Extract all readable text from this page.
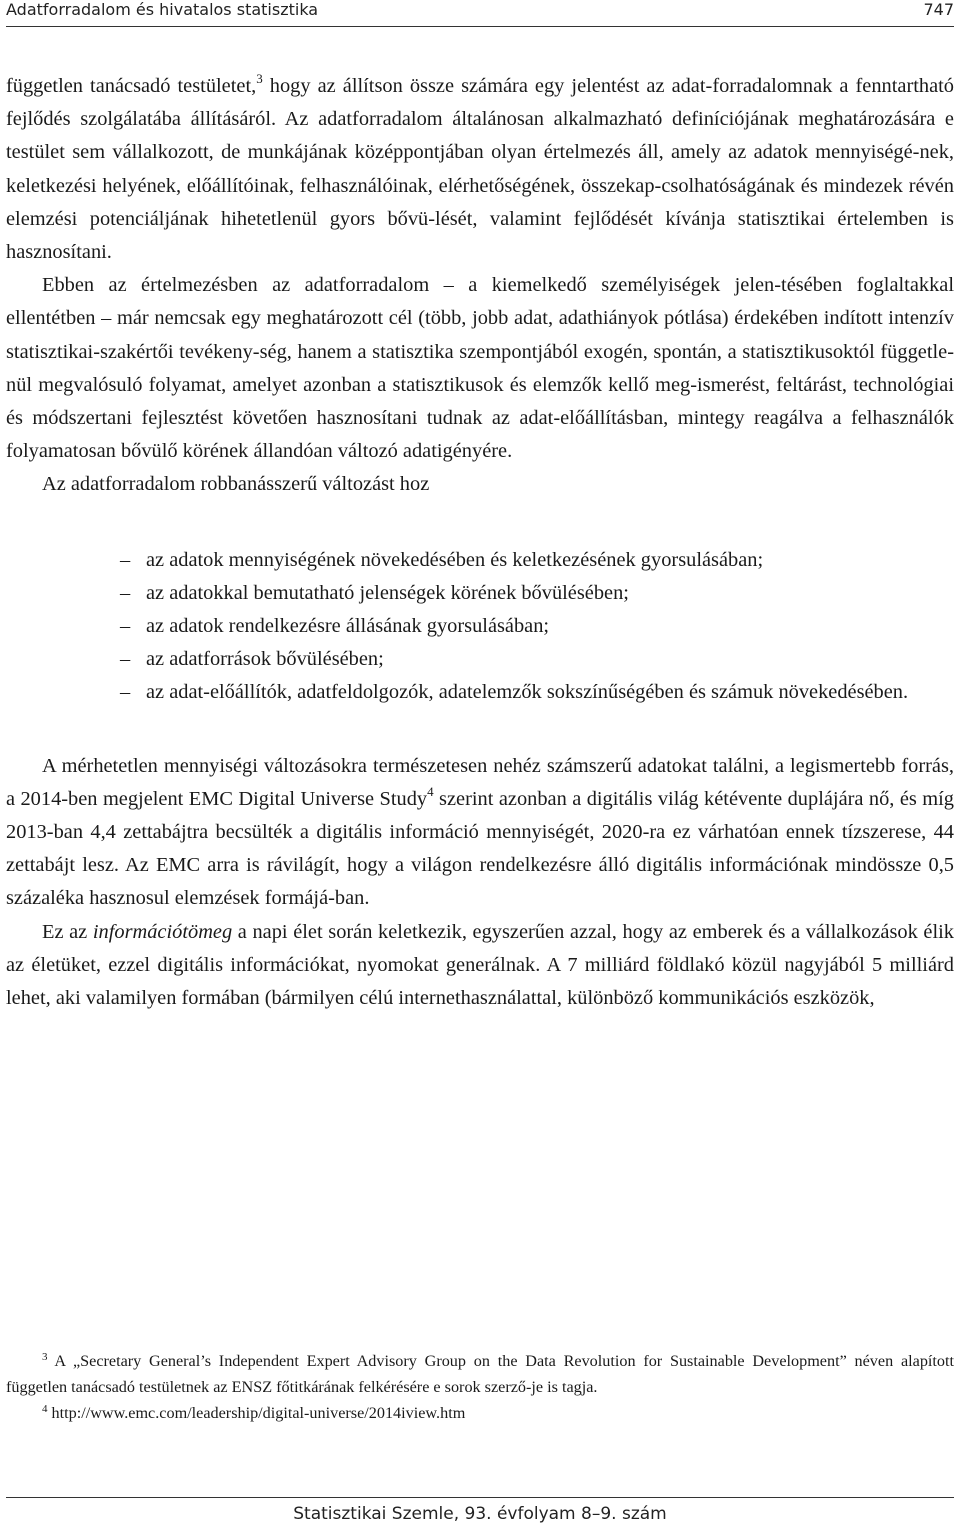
Adatforradalom és hivatalos statisztika	747

független tanácsadó testületet,$^3$ hogy az állítson össze számára egy jelentést az adat-forradalomnak a fenntartható fejlődés szolgálatába állításáról. Az adatforradalom általánosan alkalmazható definíciójának meghatározására e testület sem vállalkozott, de munkájának középpontjában olyan értelmezés áll, amely az adatok mennyiségé-nek, keletkezési helyének, előállítóinak, felhasználóinak, elérhetőségének, összekap-csolhatóságának és mindezek révén elemzési potenciáljának hihetetlenül gyors bővü-lését, valamint fejlődését kívánja statisztikai értelemben is hasznosítani.

Ebben az értelmezésben az adatforradalom – a kiemelkedő személyiségek jelen-tésében foglaltakkal ellentétben – már nemcsak egy meghatározott cél (több, jobb adat, adathiányok pótlása) érdekében indított intenzív statisztikai-szakértői tevékeny-ség, hanem a statisztika szempontjából exogén, spontán, a statisztikusoktól függetle-nül megvalósuló folyamat, amelyet azonban a statisztikusok és elemzők kellő meg-ismerést, feltárást, technológiai és módszertani fejlesztést követően hasznosítani tudnak az adat-előállításban, mintegy reagálva a felhasználók folyamatosan bővülő körének állandóan változó adatigényére.

Az adatforradalom robbanásszerű változást hoz

– az adatok mennyiségének növekedésében és keletkezésének gyorsulásában;
– az adatokkal bemutatható jelenségek körének bővülésében;
– az adatok rendelkezésre állásának gyorsulásában;
– az adatforrások bővülésében;
– az adat-előállítók, adatfeldolgozók, adatelemzők sokszínűségében és számuk növekedésében.

A mérhetetlen mennyiségi változásokra természetesen nehéz számszerű adatokat találni, a legismertebb forrás, a 2014-ben megjelent EMC Digital Universe Study$^4$ szerint azonban a digitális világ kétévente duplájára nő, és míg 2013-ban 4,4 zettabájtra becsülték a digitális információ mennyiségét, 2020-ra ez várhatóan ennek tízszerese, 44 zettabájt lesz. Az EMC arra is rávilágít, hogy a világon rendelkezésre álló digitális információnak mindössze 0,5 százaléka hasznosul elemzések formájá-ban.

Ez az információtömeg a napi élet során keletkezik, egyszerűen azzal, hogy az emberek és a vállalkozások élik az életüket, ezzel digitális információkat, nyomokat generálnak. A 7 milliárd földlakó közül nagyjából 5 milliárd lehet, aki valamilyen formában (bármilyen célú internethasználattal, különböző kommunikációs eszközök,

$^3$ A „Secretary General’s Independent Expert Advisory Group on the Data Revolution for Sustainable Development” néven alapított független tanácsadó testületnek az ENSZ főtitkárának felkérésére e sorok szerző-je is tagja.

$^4$ http://www.emc.com/leadership/digital-universe/2014iview.htm

Statisztikai Szemle, 93. évfolyam 8–9. szám
